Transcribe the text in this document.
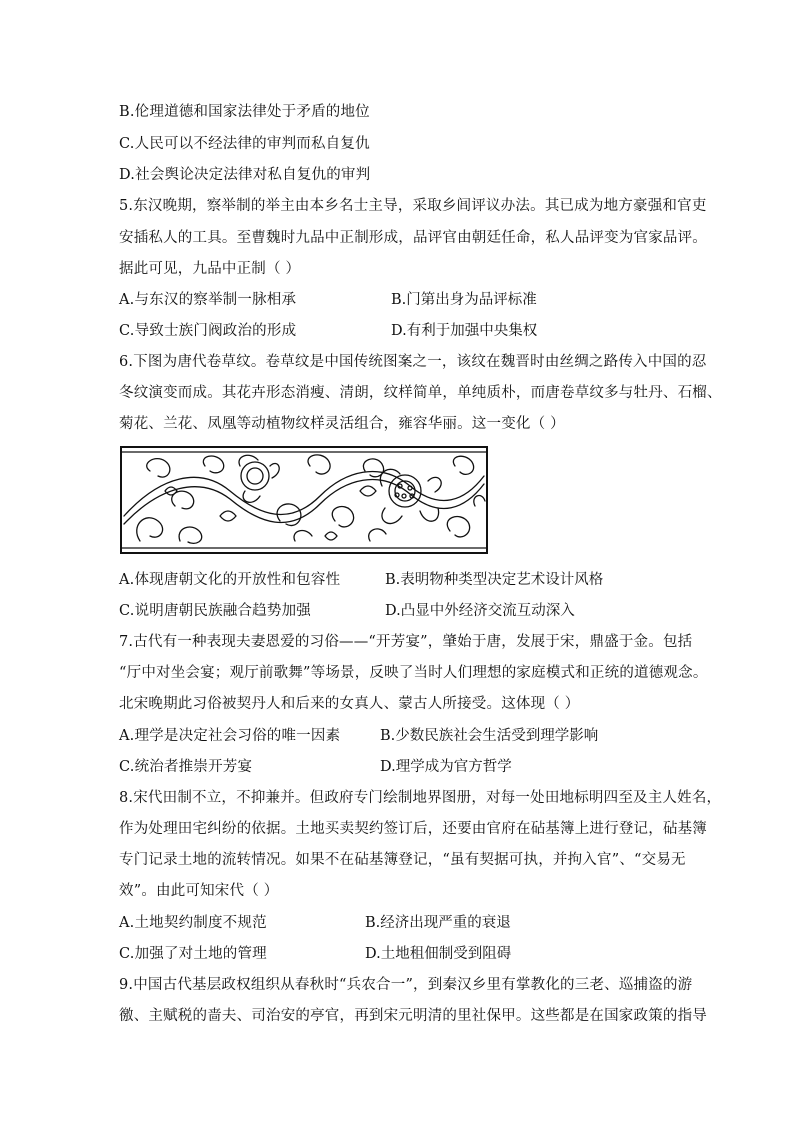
B.伦理道德和国家法律处于矛盾的地位
C.人民可以不经法律的审判而私自复仇
D.社会舆论决定法律对私自复仇的审判
5.东汉晚期，察举制的举主由本乡名士主导，采取乡闾评议办法。其已成为地方豪强和官吏
安插私人的工具。至曹魏时九品中正制形成，品评官由朝廷任命，私人品评变为官家品评。
据此可见，九品中正制（ ）
A.与东汉的察举制一脉相承	B.门第出身为品评标准
C.导致士族门阀政治的形成	D.有利于加强中央集权
6.下图为唐代卷草纹。卷草纹是中国传统图案之一，该纹在魏晋时由丝绸之路传入中国的忍
冬纹演变而成。其花卉形态消瘦、清朗，纹样简单，单纯质朴，而唐卷草纹多与牡丹、石榴、
菊花、兰花、凤凰等动植物纹样灵活组合，雍容华丽。这一变化（ ）
A.体现唐朝文化的开放性和包容性	B.表明物种类型决定艺术设计风格
C.说明唐朝民族融合趋势加强	D.凸显中外经济交流互动深入
7.古代有一种表现夫妻恩爱的习俗——“开芳宴”，肇始于唐，发展于宋，鼎盛于金。包括
“厅中对坐会宴；观厅前歌舞”等场景，反映了当时人们理想的家庭模式和正统的道德观念。
北宋晚期此习俗被契丹人和后来的女真人、蒙古人所接受。这体现（ ）
A.理学是决定社会习俗的唯一因素	B.少数民族社会生活受到理学影响
C.统治者推崇开芳宴	D.理学成为官方哲学
8.宋代田制不立，不抑兼并。但政府专门绘制地界图册，对每一处田地标明四至及主人姓名，
作为处理田宅纠纷的依据。土地买卖契约签订后，还要由官府在砧基簿上进行登记，砧基簿
专门记录土地的流转情况。如果不在砧基簿登记，“虽有契据可执，并拘入官”、“交易无
效”。由此可知宋代（ ）
A.土地契约制度不规范	B.经济出现严重的衰退
C.加强了对土地的管理	D.土地租佃制受到阻碍
9.中国古代基层政权组织从春秋时“兵农合一”，到秦汉乡里有掌教化的三老、巡捕盗的游
徼、主赋税的啬夫、司治安的亭官，再到宋元明清的里社保甲。这些都是在国家政策的指导
